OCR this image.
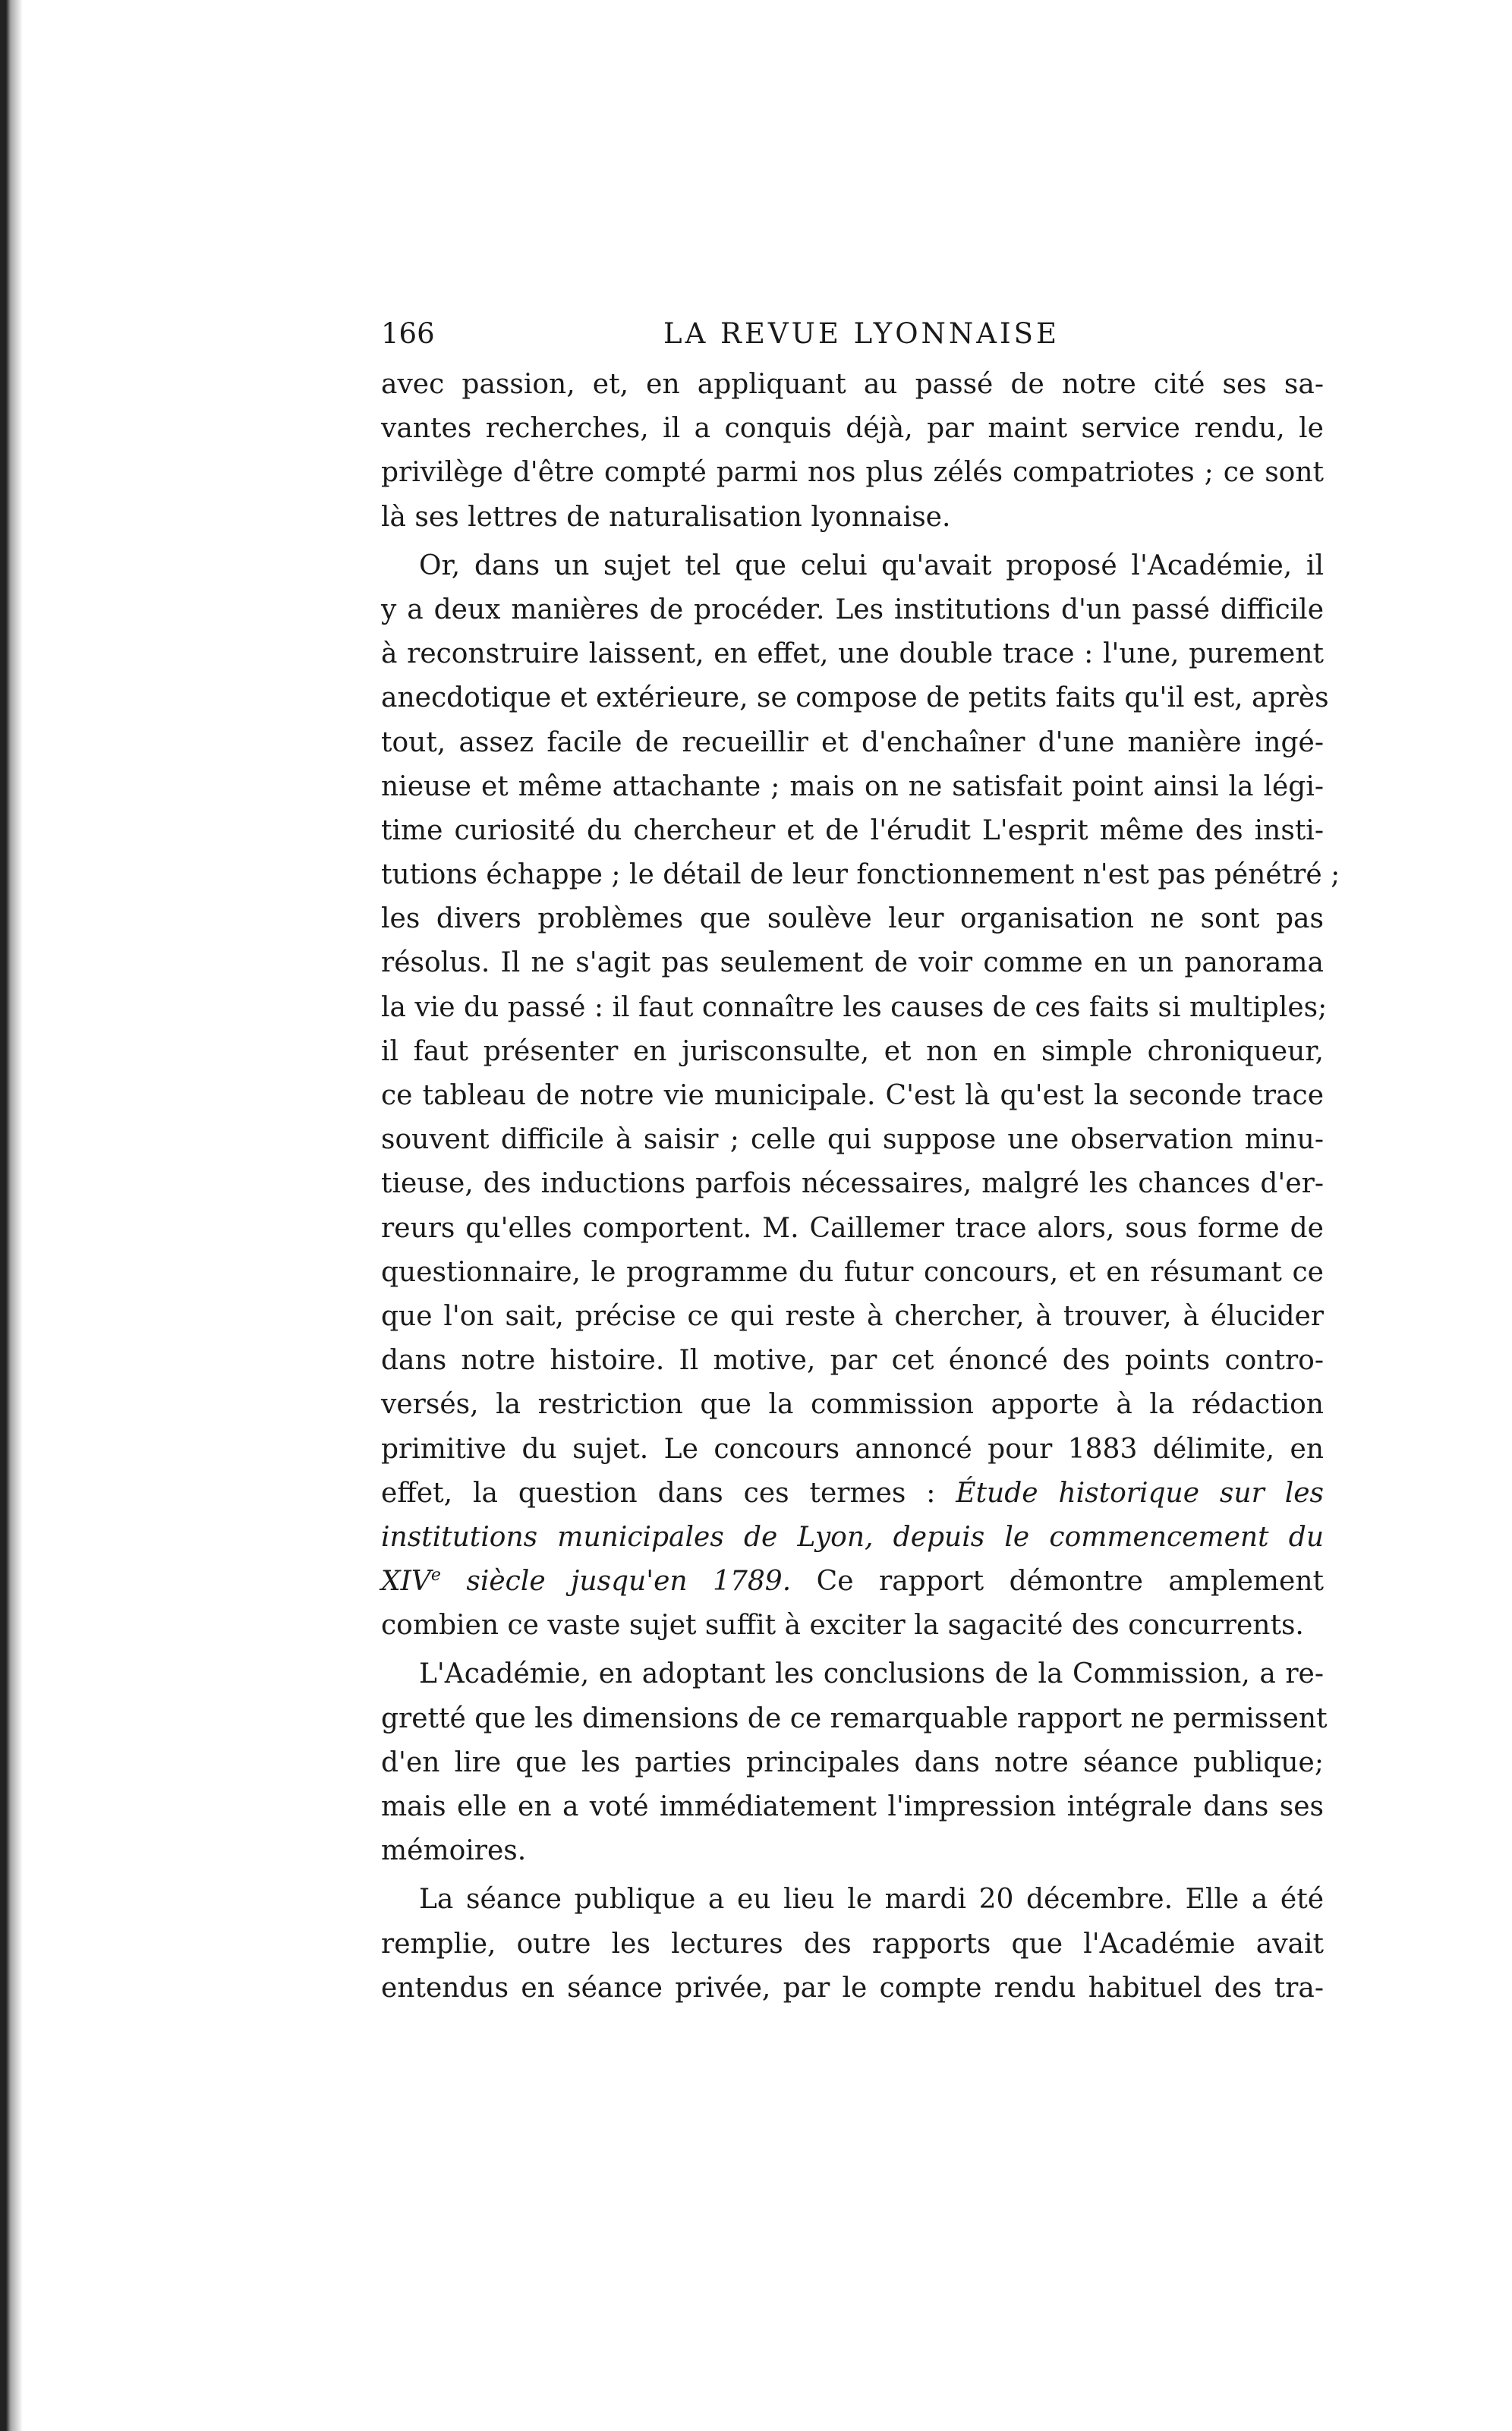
166	LA REVUE LYONNAISE
avec passion, et, en appliquant au passé de notre cité ses sa-
vantes recherches, il a conquis déjà, par maint service rendu, le
privilège d'être compté parmi nos plus zélés compatriotes ; ce sont
là ses lettres de naturalisation lyonnaise.
Or, dans un sujet tel que celui qu'avait proposé l'Académie, il
y a deux manières de procéder. Les institutions d'un passé difficile
à reconstruire laissent, en effet, une double trace : l'une, purement
anecdotique et extérieure, se compose de petits faits qu'il est, après
tout, assez facile de recueillir et d'enchaîner d'une manière ingé-
nieuse et même attachante ; mais on ne satisfait point ainsi la légi-
time curiosité du chercheur et de l'érudit L'esprit même des insti-
tutions échappe ; le détail de leur fonctionnement n'est pas pénétré ;
les divers problèmes que soulève leur organisation ne sont pas
résolus. Il ne s'agit pas seulement de voir comme en un panorama
la vie du passé : il faut connaître les causes de ces faits si multiples;
il faut présenter en jurisconsulte, et non en simple chroniqueur,
ce tableau de notre vie municipale. C'est là qu'est la seconde trace
souvent difficile à saisir ; celle qui suppose une observation minu-
tieuse, des inductions parfois nécessaires, malgré les chances d'er-
reurs qu'elles comportent. M. Caillemer trace alors, sous forme de
questionnaire, le programme du futur concours, et en résumant ce
que l'on sait, précise ce qui reste à chercher, à trouver, à élucider
dans notre histoire. Il motive, par cet énoncé des points contro-
versés, la restriction que la commission apporte à la rédaction
primitive du sujet. Le concours annoncé pour 1883 délimite, en
effet, la question dans ces termes : Étude historique sur les
institutions municipales de Lyon, depuis le commencement du
XIVe siècle jusqu'en 1789. Ce rapport démontre amplement
combien ce vaste sujet suffit à exciter la sagacité des concurrents.
L'Académie, en adoptant les conclusions de la Commission, a re-
gretté que les dimensions de ce remarquable rapport ne permissent
d'en lire que les parties principales dans notre séance publique;
mais elle en a voté immédiatement l'impression intégrale dans ses
mémoires.
La séance publique a eu lieu le mardi 20 décembre. Elle a été
remplie, outre les lectures des rapports que l'Académie avait
entendus en séance privée, par le compte rendu habituel des tra-
